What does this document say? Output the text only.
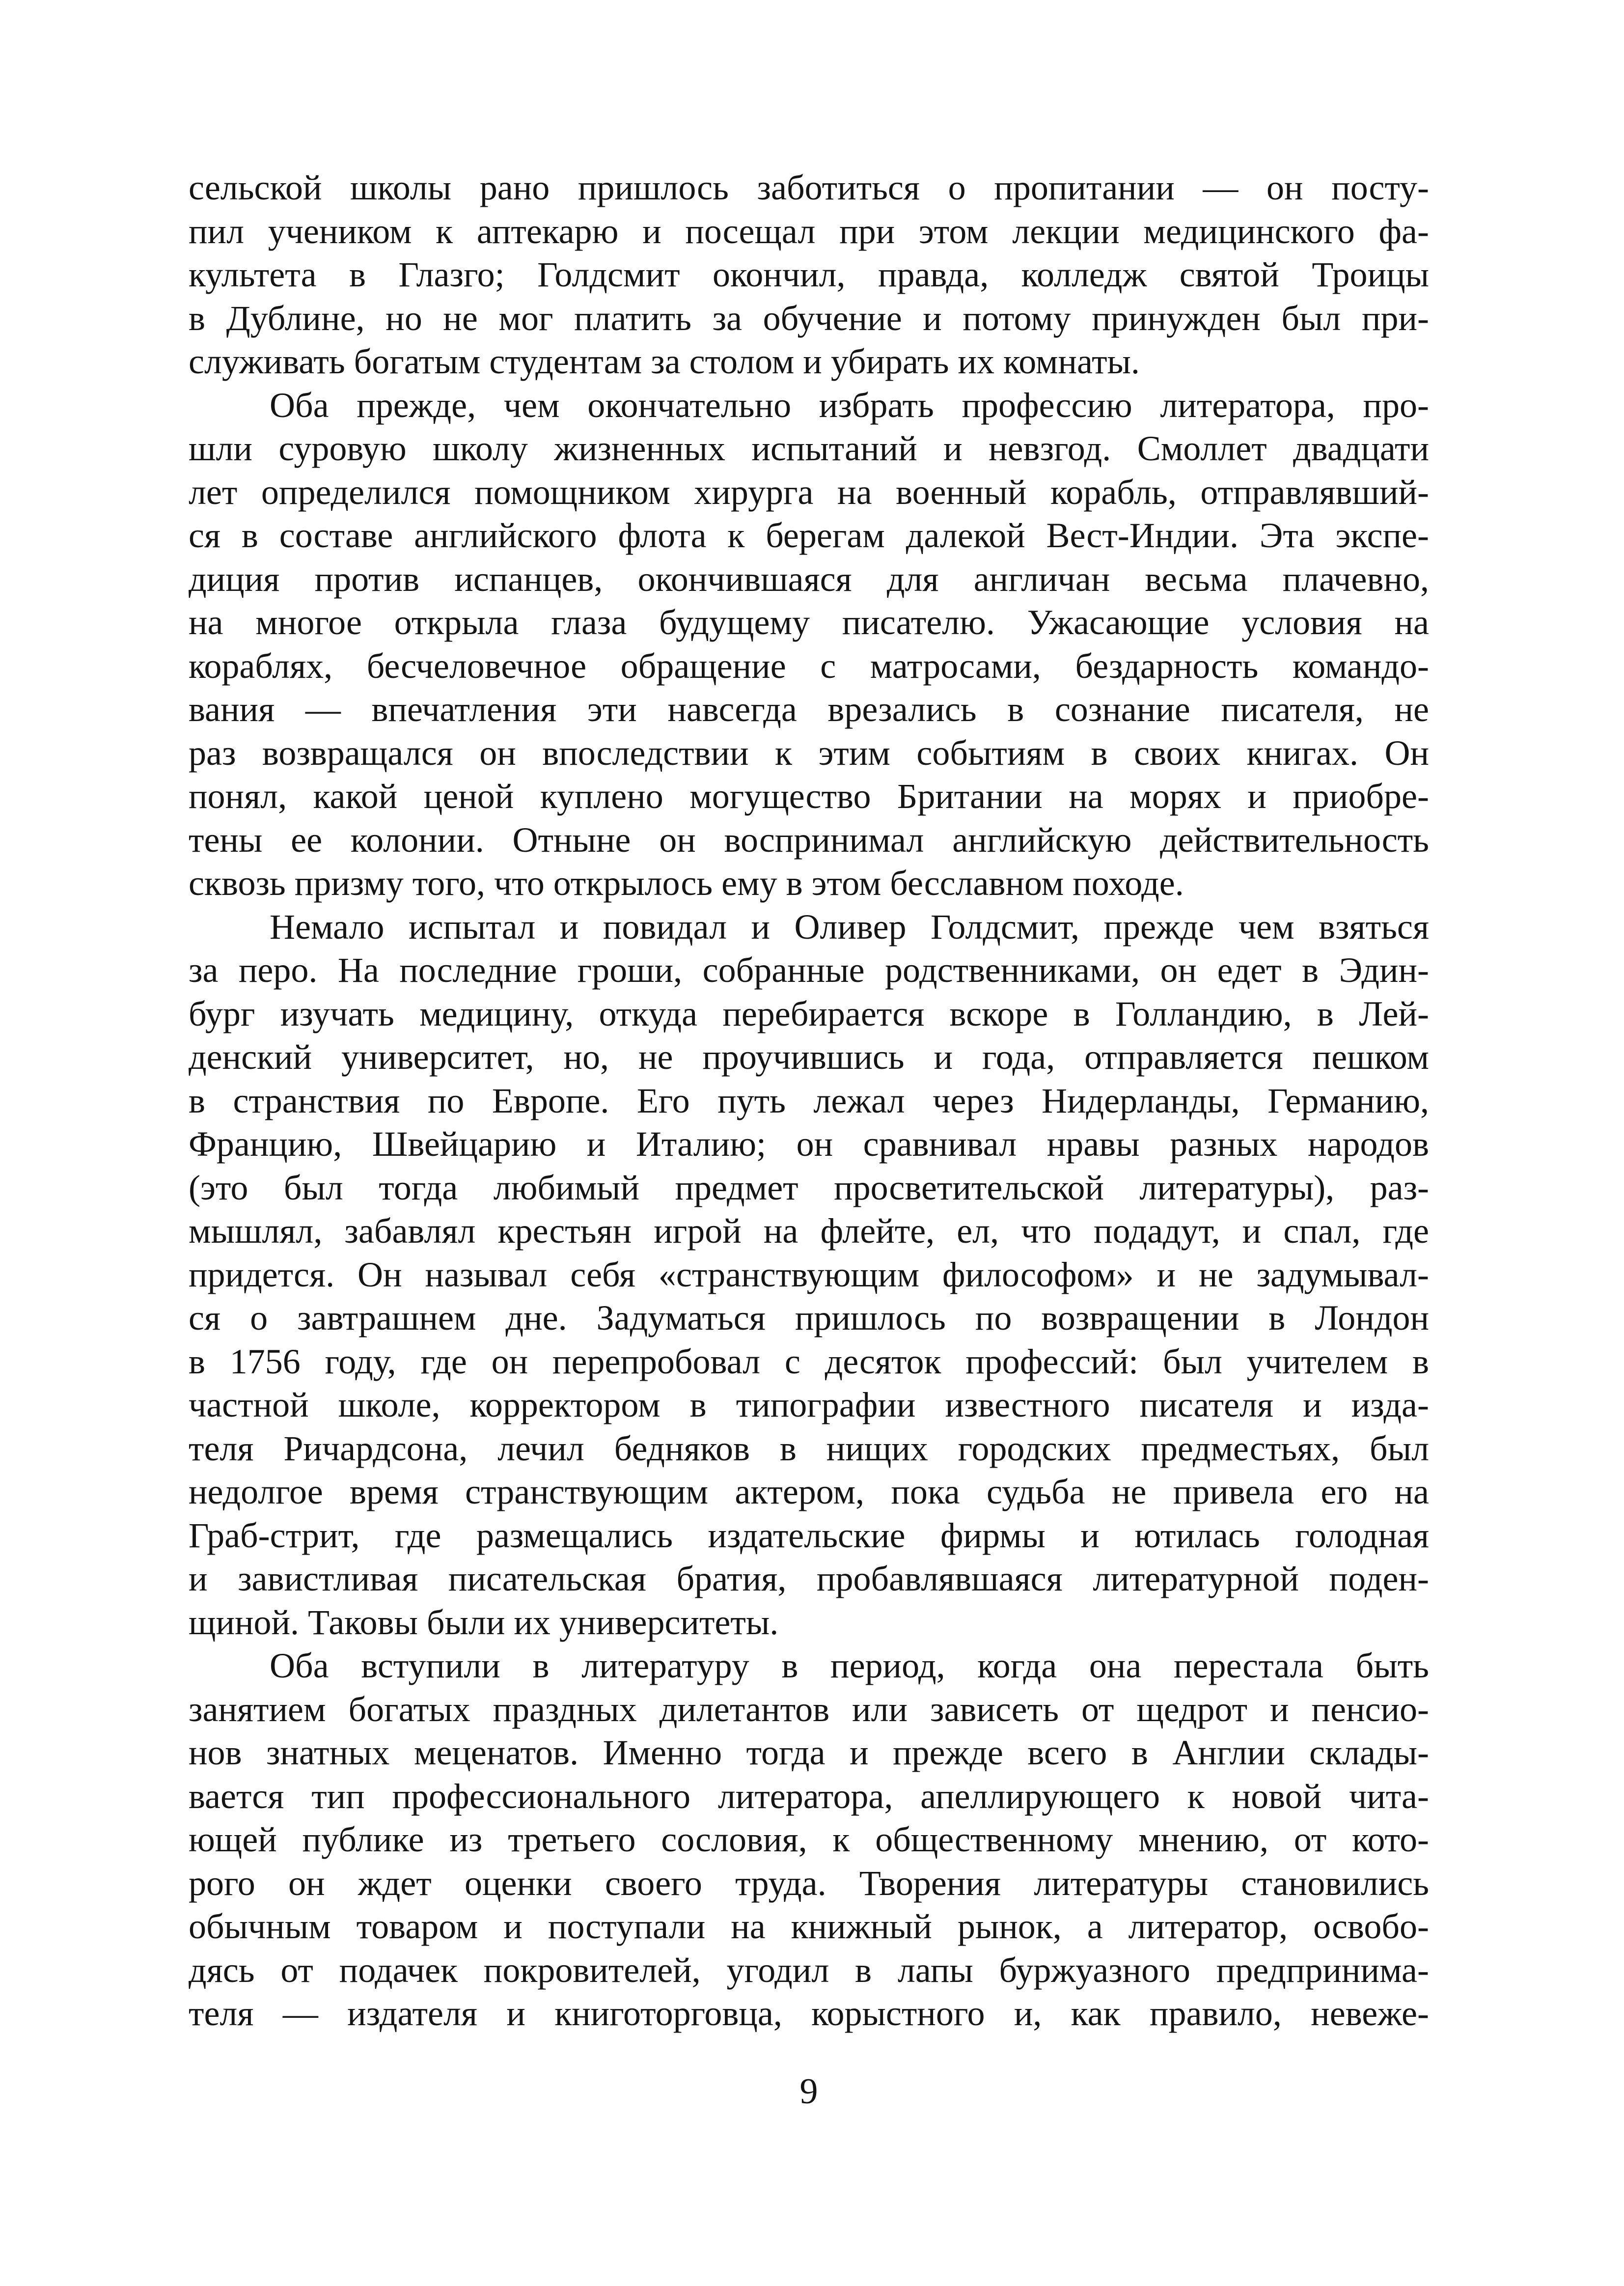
сельской школы рано пришлось заботиться о пропитании — он посту-
пил учеником к аптекарю и посещал при этом лекции медицинского фа-
культета в Глазго; Голдсмит окончил, правда, колледж святой Троицы
в Дублине, но не мог платить за обучение и потому принужден был при-
служивать богатым студентам за столом и убирать их комнаты.
Оба прежде, чем окончательно избрать профессию литератора, про-
шли суровую школу жизненных испытаний и невзгод. Смоллет двадцати
лет определился помощником хирурга на военный корабль, отправлявший-
ся в составе английского флота к берегам далекой Вест-Индии. Эта экспе-
диция против испанцев, окончившаяся для англичан весьма плачевно,
на многое открыла глаза будущему писателю. Ужасающие условия на
кораблях, бесчеловечное обращение с матросами, бездарность командо-
вания — впечатления эти навсегда врезались в сознание писателя, не
раз возвращался он впоследствии к этим событиям в своих книгах. Он
понял, какой ценой куплено могущество Британии на морях и приобре-
тены ее колонии. Отныне он воспринимал английскую действительность
сквозь призму того, что открылось ему в этом бесславном походе.
Немало испытал и повидал и Оливер Голдсмит, прежде чем взяться
за перо. На последние гроши, собранные родственниками, он едет в Эдин-
бург изучать медицину, откуда перебирается вскоре в Голландию, в Лей-
денский университет, но, не проучившись и года, отправляется пешком
в странствия по Европе. Его путь лежал через Нидерланды, Германию,
Францию, Швейцарию и Италию; он сравнивал нравы разных народов
(это был тогда любимый предмет просветительской литературы), раз-
мышлял, забавлял крестьян игрой на флейте, ел, что подадут, и спал, где
придется. Он называл себя «странствующим философом» и не задумывал-
ся о завтрашнем дне. Задуматься пришлось по возвращении в Лондон
в 1756 году, где он перепробовал с десяток профессий: был учителем в
частной школе, корректором в типографии известного писателя и изда-
теля Ричардсона, лечил бедняков в нищих городских предместьях, был
недолгое время странствующим актером, пока судьба не привела его на
Граб-стрит, где размещались издательские фирмы и ютилась голодная
и завистливая писательская братия, пробавлявшаяся литературной поден-
щиной. Таковы были их университеты.
Оба вступили в литературу в период, когда она перестала быть
занятием богатых праздных дилетантов или зависеть от щедрот и пенсио-
нов знатных меценатов. Именно тогда и прежде всего в Англии склады-
вается тип профессионального литератора, апеллирующего к новой чита-
ющей публике из третьего сословия, к общественному мнению, от кото-
рого он ждет оценки своего труда. Творения литературы становились
обычным товаром и поступали на книжный рынок, а литератор, освобо-
дясь от подачек покровителей, угодил в лапы буржуазного предпринима-
теля — издателя и книготорговца, корыстного и, как правило, невеже-
9
